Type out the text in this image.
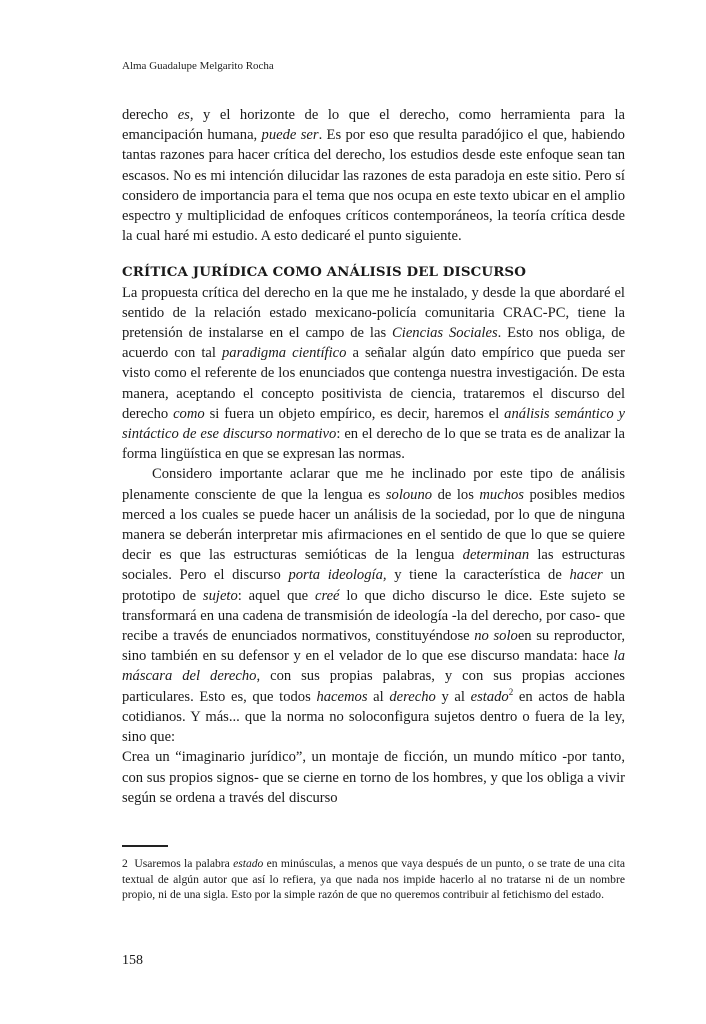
Alma Guadalupe Melgarito Rocha

derecho es, y el horizonte de lo que el derecho, como herramienta para la emancipación humana, puede ser. Es por eso que resulta paradójico el que, habiendo tantas razones para hacer crítica del derecho, los estudios desde este enfoque sean tan escasos. No es mi intención dilucidar las razones de esta paradoja en este sitio. Pero sí considero de importancia para el tema que nos ocupa en este texto ubicar en el amplio espectro y multiplicidad de enfoques críticos contemporáneos, la teoría crítica desde la cual haré mi estudio. A esto dedicaré el punto siguiente.

CRÍTICA JURÍDICA COMO ANÁLISIS DEL DISCURSO

La propuesta crítica del derecho en la que me he instalado, y desde la que abordaré el sentido de la relación estado mexicano-policía comunitaria CRAC-PC, tiene la pretensión de instalarse en el campo de las Ciencias Sociales. Esto nos obliga, de acuerdo con tal paradigma científico a señalar algún dato empírico que pueda ser visto como el referente de los enunciados que contenga nuestra investigación. De esta manera, aceptando el concepto positivista de ciencia, trataremos el discurso del derecho como si fuera un objeto empírico, es decir, haremos el análisis semántico y sintáctico de ese discurso normativo: en el derecho de lo que se trata es de analizar la forma lingüística en que se expresan las normas.

Considero importante aclarar que me he inclinado por este tipo de análisis plenamente consciente de que la lengua es solouno de los muchos posibles medios merced a los cuales se puede hacer un análisis de la sociedad, por lo que de ninguna manera se deberán interpretar mis afirmaciones en el sentido de que lo que se quiere decir es que las estructuras semióticas de la lengua determinan las estructuras sociales. Pero el discurso porta ideología, y tiene la característica de hacer un prototipo de sujeto: aquel que creé lo que dicho discurso le dice. Este sujeto se transformará en una cadena de transmisión de ideología -la del derecho, por caso- que recibe a través de enunciados normativos, constituyéndose no soloen su reproductor, sino también en su defensor y en el velador de lo que ese discurso mandata: hace la máscara del derecho, con sus propias palabras, y con sus propias acciones particulares. Esto es, que todos hacemos al derecho y al estado$^2$ en actos de habla cotidianos. Y más... que la norma no soloconfigura sujetos dentro o fuera de la ley, sino que:

Crea un “imaginario jurídico”, un montaje de ficción, un mundo mítico -por tanto, con sus propios signos- que se cierne en torno de los hombres, y que los obliga a vivir según se ordena a través del discurso

2 Usaremos la palabra estado en minúsculas, a menos que vaya después de un punto, o se trate de una cita textual de algún autor que así lo refiera, ya que nada nos impide hacerlo al no tratarse ni de un nombre propio, ni de una sigla. Esto por la simple razón de que no queremos contribuir al fetichismo del estado.
158
